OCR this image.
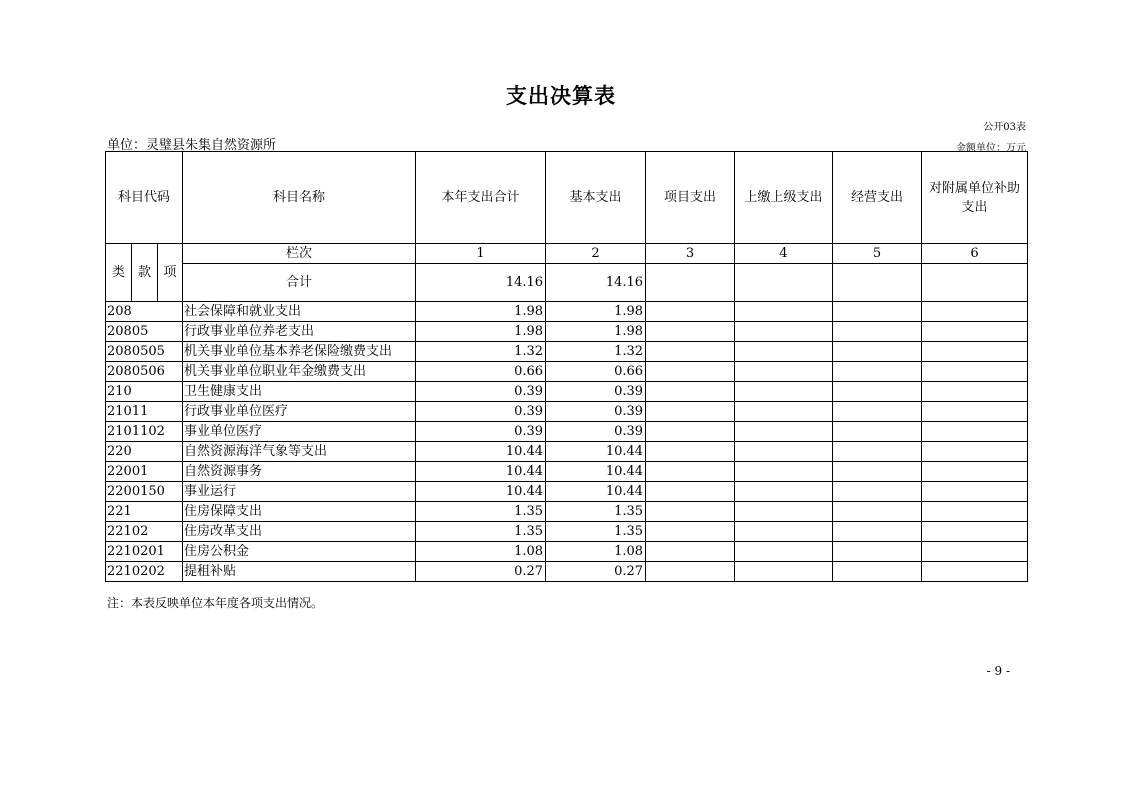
支出决算表
公开03表
单位：灵璧县朱集自然资源所	金额单位：万元
科目代码			科目名称	本年支出合计	基本支出	项目支出	上缴上级支出	经营支出	对附属单位补助支出
类	款	项	栏次	1	2	3	4	5	6
			合计	14.16	14.16				
208			社会保障和就业支出	1.98	1.98				
20805			行政事业单位养老支出	1.98	1.98				
2080505			机关事业单位基本养老保险缴费支出	1.32	1.32				
2080506			机关事业单位职业年金缴费支出	0.66	0.66				
210			卫生健康支出	0.39	0.39				
21011			行政事业单位医疗	0.39	0.39				
2101102			事业单位医疗	0.39	0.39				
220			自然资源海洋气象等支出	10.44	10.44				
22001			自然资源事务	10.44	10.44				
2200150			事业运行	10.44	10.44				
221			住房保障支出	1.35	1.35				
22102			住房改革支出	1.35	1.35				
2210201			住房公积金	1.08	1.08				
2210202			提租补贴	0.27	0.27				
注：本表反映单位本年度各项支出情况。
- 9 -
